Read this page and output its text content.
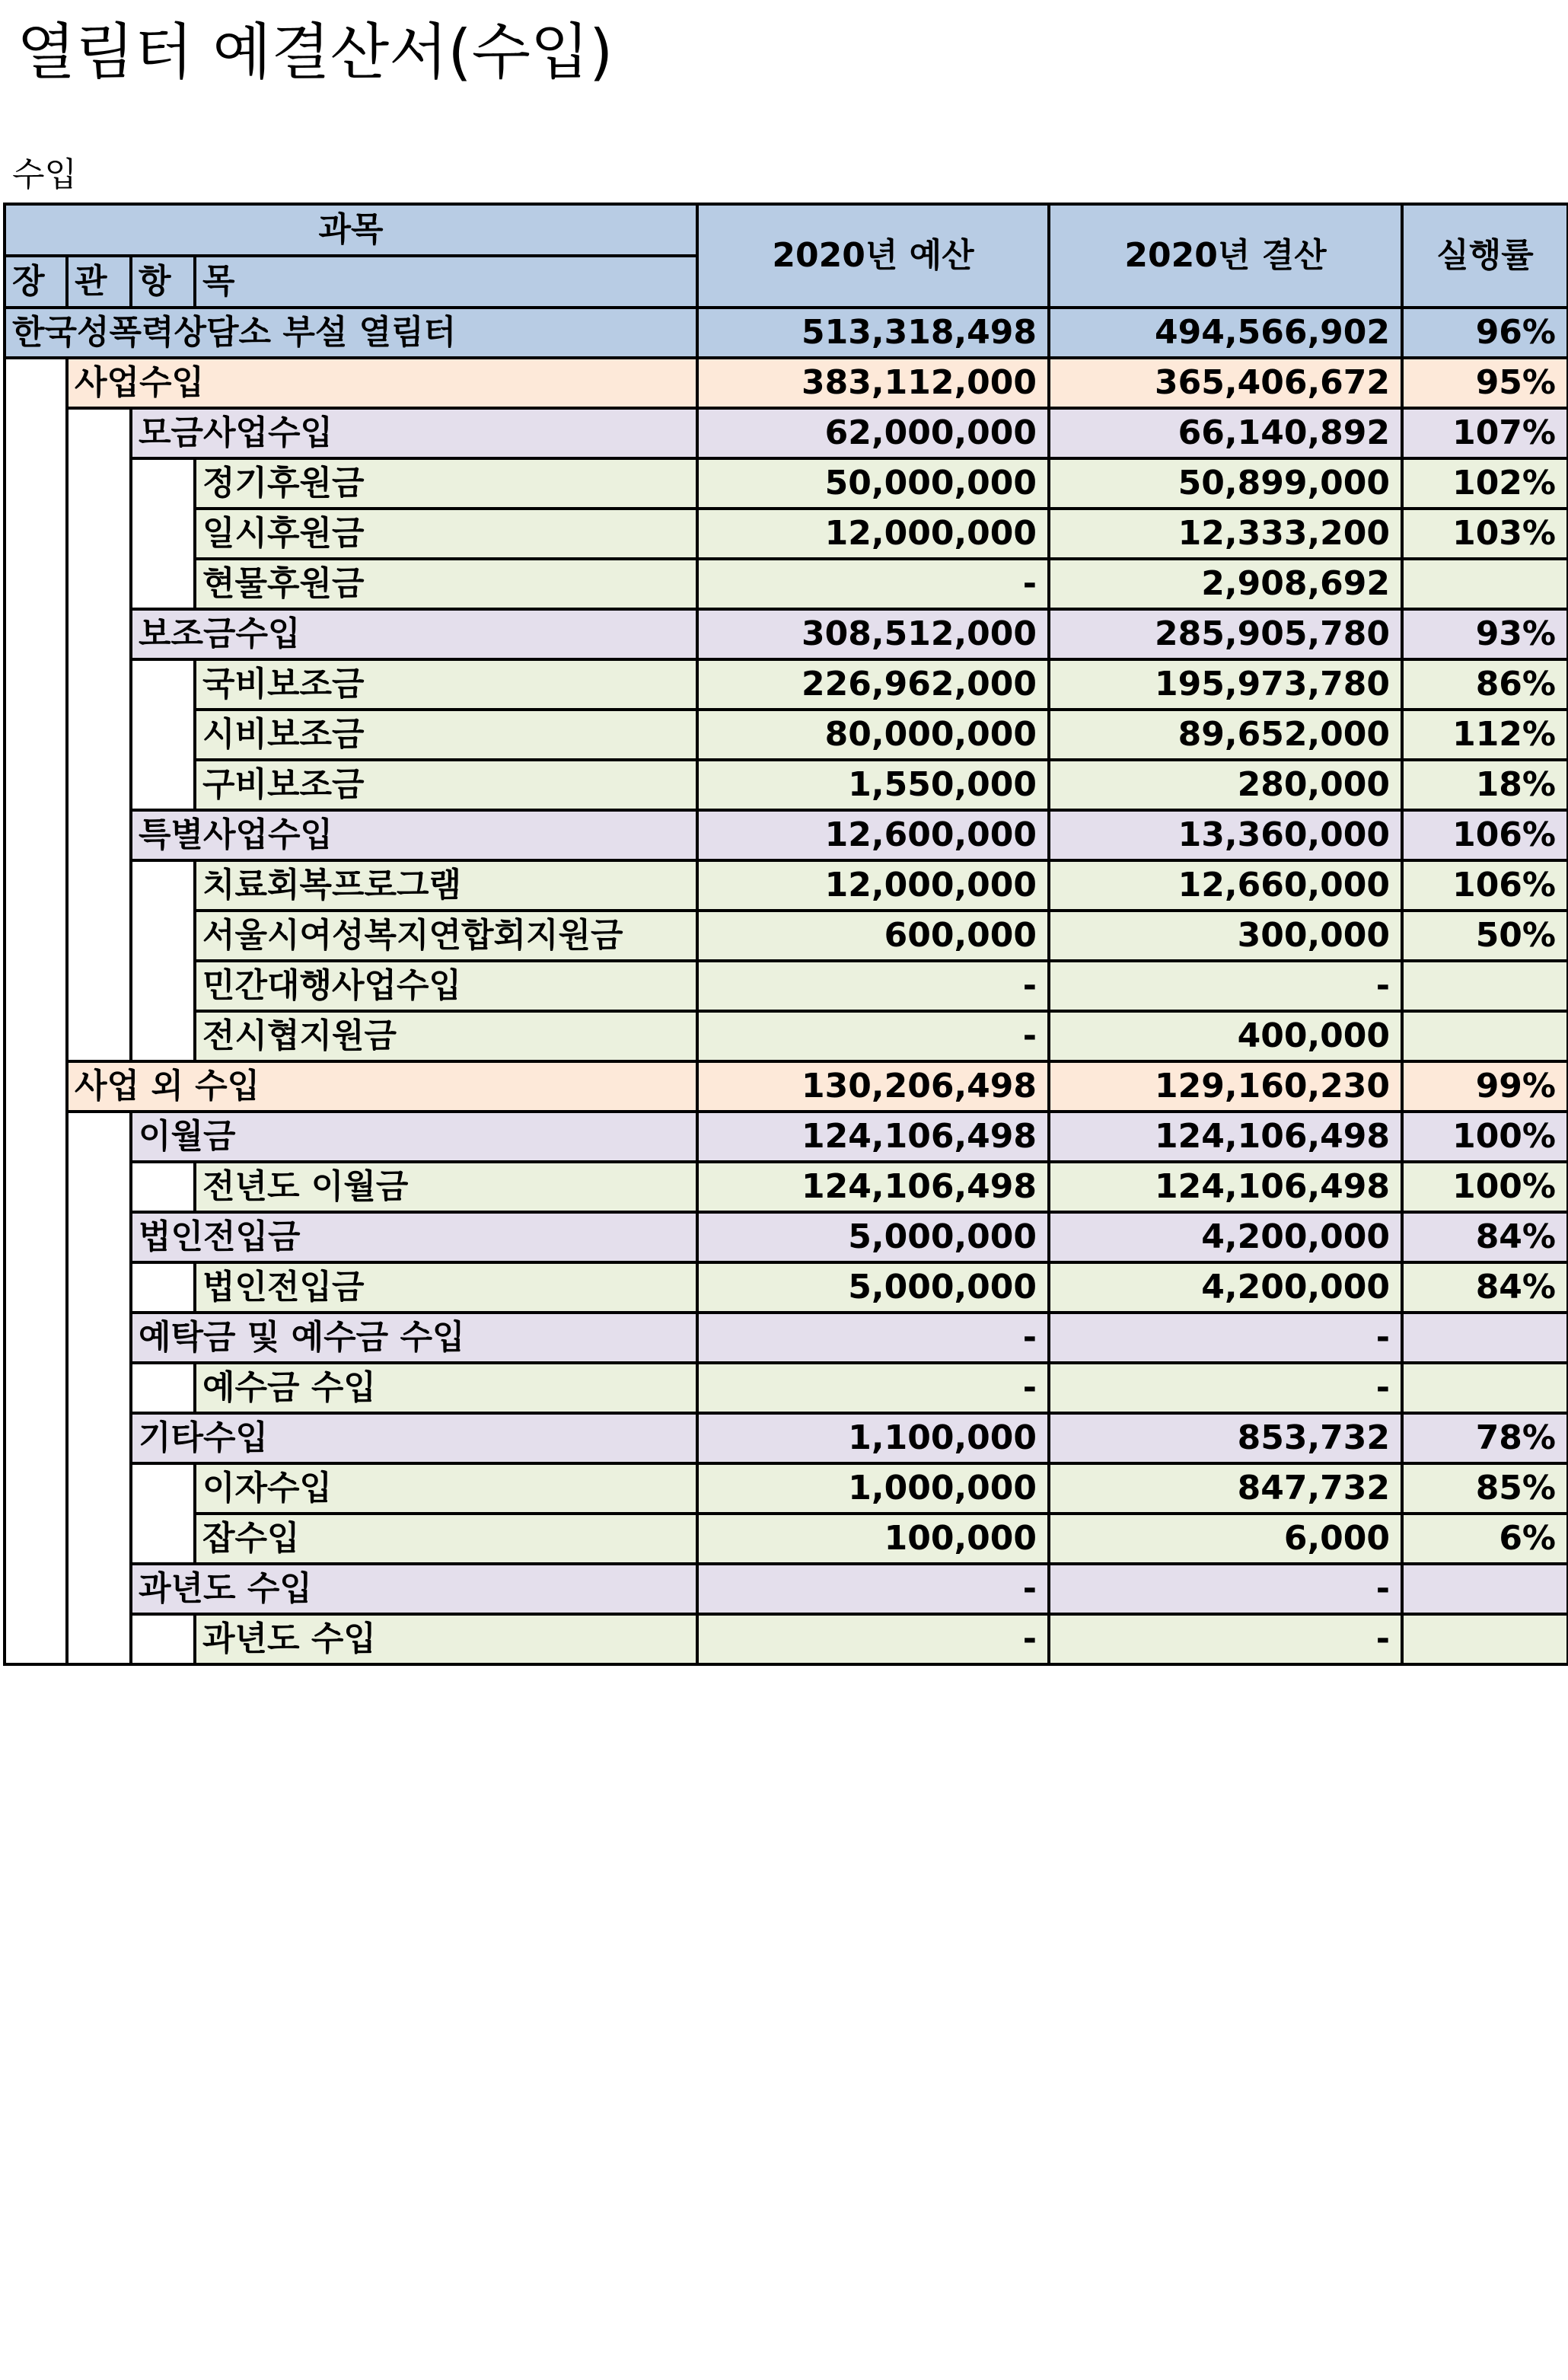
열림터 예결산서(수입)
수입
과목				2020년 예산	2020년 결산	실행률
장	관	항	목			
한국성폭력상담소 부설 열림터				513,318,498	494,566,902	96%
	사업수입			383,112,000	365,406,672	95%
		모금사업수입		62,000,000	66,140,892	107%
			정기후원금	50,000,000	50,899,000	102%
			일시후원금	12,000,000	12,333,200	103%
			현물후원금	-	2,908,692	
		보조금수입		308,512,000	285,905,780	93%
			국비보조금	226,962,000	195,973,780	86%
			시비보조금	80,000,000	89,652,000	112%
			구비보조금	1,550,000	280,000	18%
		특별사업수입		12,600,000	13,360,000	106%
			치료회복프로그램	12,000,000	12,660,000	106%
			서울시여성복지연합회지원금	600,000	300,000	50%
			민간대행사업수입	-	-	
			전시협지원금	-	400,000	
	사업 외 수입			130,206,498	129,160,230	99%
		이월금		124,106,498	124,106,498	100%
			전년도 이월금	124,106,498	124,106,498	100%
		법인전입금		5,000,000	4,200,000	84%
			법인전입금	5,000,000	4,200,000	84%
		예탁금 및 예수금 수입		-	-	
			예수금 수입	-	-	
		기타수입		1,100,000	853,732	78%
			이자수입	1,000,000	847,732	85%
			잡수입	100,000	6,000	6%
		과년도 수입		-	-	
			과년도 수입	-	-	
